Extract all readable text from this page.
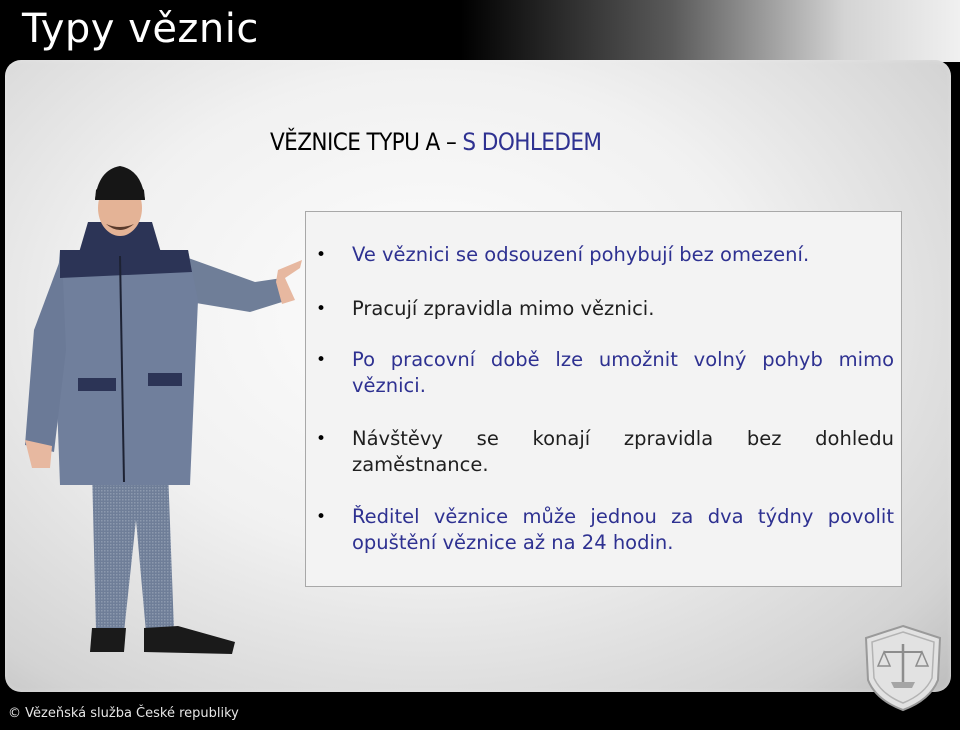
Typy věznic
VĚZNICE TYPU A – S DOHLEDEM
• Ve věznici se odsouzení pohybují bez omezení.
• Pracují zpravidla mimo věznici.
• Po pracovní době lze umožnit volný pohyb mimo věznici.
• Návštěvy se konají zpravidla bez dohledu zaměstnance.
• Ředitel věznice může jednou za dva týdny povolit opuštění věznice až na 24 hodin.

© Vězeňská služba České republiky
